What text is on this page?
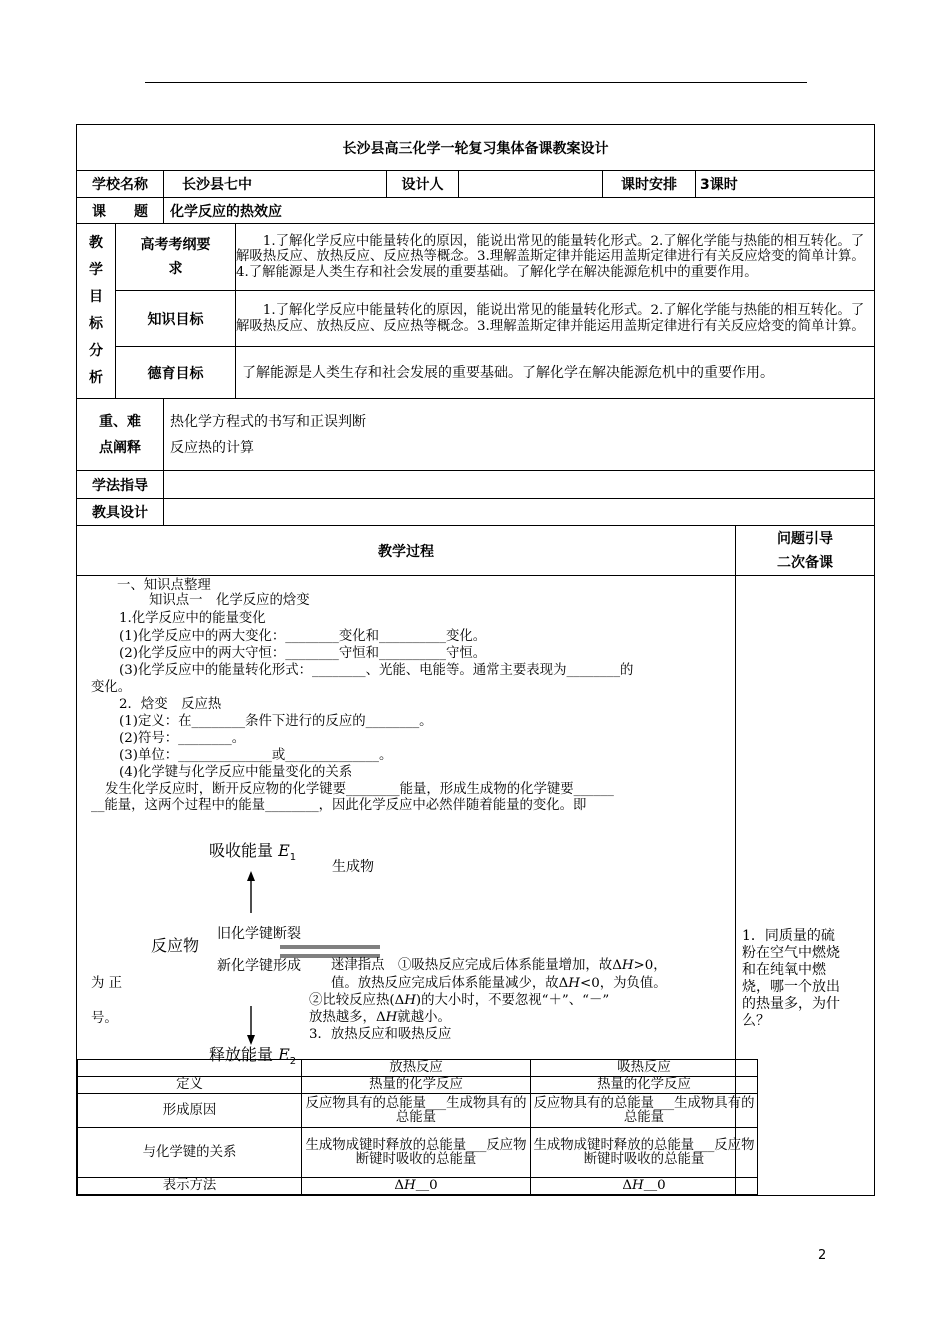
长沙县高三化学一轮复习集体备课教案设计
学校名称	长沙县七中	设计人		课时安排	3课时
课　　题	化学反应的热效应

教
学
目
标
分
析
	高考考纲要求	1.了解化学反应中能量转化的原因，能说出常见的能量转化形式。2.了解化学能与热能的相互转化。了解吸热反应、放热反应、反应热等概念。3.理解盖斯定律并能运用盖斯定律进行有关反应焓变的简单计算。4.了解能源是人类生存和社会发展的重要基础。了解化学在解决能源危机中的重要作用。
知识目标	1.了解化学反应中能量转化的原因，能说出常见的能量转化形式。2.了解化学能与热能的相互转化。了解吸热反应、放热反应、反应热等概念。3.理解盖斯定律并能运用盖斯定律进行有关反应焓变的简单计算。
德育目标	了解能源是人类生存和社会发展的重要基础。了解化学在解决能源危机中的重要作用。

重、难
点阐释

热化学方程式的书写和正误判断
反应热的计算

学法指导	
教具设计	
教学过程	
问题引导
二次备课

一、知识点整理
知识点一　化学反应的焓变
1.化学反应中的能量变化
(1)化学反应中的两大变化：________变化和__________变化。
(2)化学反应中的两大守恒：________守恒和__________守恒。
(3)化学反应中的能量转化形式：________、光能、电能等。通常主要表现为________的
变化。
2．焓变　反应热
(1)定义：在________条件下进行的反应的________。
(2)符号：________。
(3)单位：______________或______________。
(4)化学键与化学反应中能量变化的关系
发生化学反应时，断开反应物的化学键要________能量，形成生成物的化学键要______
__能量，这两个过程中的能量________，因此化学反应中必然伴随着能量的变化。即
吸收能量 $E_1$
生成物
反应物
旧化学键断裂
新化学键形成
释放能量 $E_2$
为 正
号。
迷津指点　①吸热反应完成后体系能量增加，故Δ𝐻>0，
值。放热反应完成后体系能量减少，故Δ𝐻<0，为负值。
②比较反应热(Δ𝐻)的大小时，不要忽视“＋”、“－”
放热越多，Δ𝐻就越小。
3．放热反应和吸热反应
	放热反应	吸热反应
定义	热量的化学反应	热量的化学反应
形成原因	反应物具有的总能量___生成物具有的总能量	反应物具有的总能量___生成物具有的总能量
与化学键的关系	生成物成键时释放的总能量___反应物断键时吸收的总能量	生成物成键时释放的总能量___反应物断键时吸收的总能量
表示方法	Δ𝐻＿0	Δ𝐻＿0

1．同质量的硫粉在空气中燃烧和在纯氧中燃烧，哪一个放出的热量多，为什么？
2
